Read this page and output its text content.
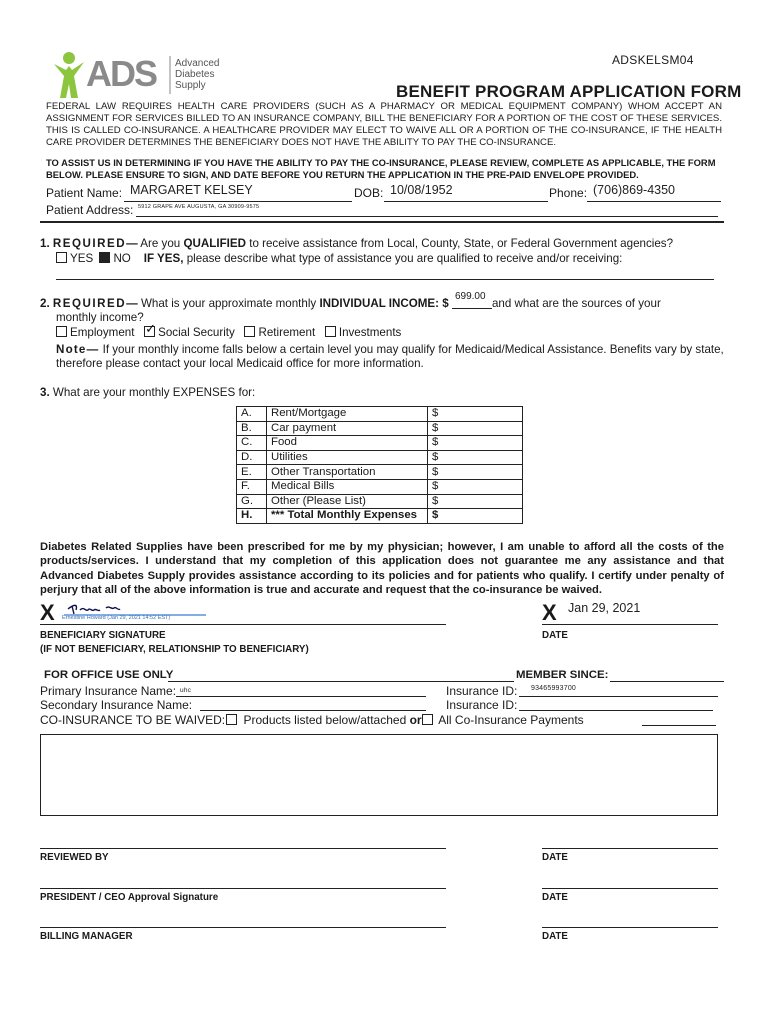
ADS Advanced
Diabetes
Supply
ADSKELSM04
BENEFIT PROGRAM APPLICATION FORM
FEDERAL LAW REQUIRES HEALTH CARE PROVIDERS (SUCH AS A PHARMACY OR MEDICAL EQUIPMENT COMPANY) WHOM ACCEPT AN ASSIGNMENT FOR SERVICES BILLED TO AN INSURANCE COMPANY, BILL THE BENEFICIARY FOR A PORTION OF THE COST OF THESE SERVICES. THIS IS CALLED CO-INSURANCE. A HEALTHCARE PROVIDER MAY ELECT TO WAIVE ALL OR A PORTION OF THE CO-INSURANCE, IF THE HEALTH CARE PROVIDER DETERMINES THE BENEFICIARY DOES NOT HAVE THE ABILITY TO PAY THE CO-INSURANCE.
TO ASSIST US IN DETERMINING IF YOU HAVE THE ABILITY TO PAY THE CO-INSURANCE, PLEASE REVIEW, COMPLETE AS APPLICABLE, THE FORM BELOW. PLEASE ENSURE TO SIGN, AND DATE BEFORE YOU RETURN THE APPLICATION IN THE PRE-PAID ENVELOPE PROVIDED.
Patient Name: MARGARET KELSEY	DOB: 10/08/1952	Phone: (706)869-4350
Patient Address: 5912 GRAPE AVE AUGUSTA, GA 30909-9575
1. REQUIRED— Are you QUALIFIED to receive assistance from Local, County, State, or Federal Government agencies?
YES NO IF YES, please describe what type of assistance you are qualified to receive and/or receiving:
2. REQUIRED— What is your approximate monthly INDIVIDUAL INCOME: $
699.00
and what are the sources of your
monthly income?
Employment ✓ Social Security Retirement Investments
Note— If your monthly income falls below a certain level you may qualify for Medicaid/Medical Assistance. Benefits vary by state, therefore please contact your local Medicaid office for more information.
3. What are your monthly EXPENSES for:
A.	Rent/Mortgage	$
B.	Car payment	$
C.	Food	$
D.	Utilities	$
E.	Other Transportation	$
F.	Medical Bills	$
G.	Other (Please List)	$
H.	*** Total Monthly Expenses	$
Diabetes Related Supplies have been prescribed for me by my physician; however, I am unable to afford all the costs of the products/services. I understand that my completion of this application does not guarantee me any assistance and that Advanced Diabetes Supply provides assistance according to its policies and for patients who qualify. I certify under penalty of perjury that all of the above information is true and accurate and request that the co-insurance be waived.
X Ernestine Howard (Jan 29, 2021 14:52 EST)	X Jan 29, 2021
BENEFICIARY SIGNATURE	DATE
(IF NOT BENEFICIARY, RELATIONSHIP TO BENEFICIARY)
FOR OFFICE USE ONLY	MEMBER SINCE:
Primary Insurance Name: uhc	Insurance ID: 93465993700
Secondary Insurance Name:	Insurance ID:
CO-INSURANCE TO BE WAIVED: Products listed below/attached or All Co-Insurance Payments
REVIEWED BY	DATE
PRESIDENT / CEO Approval Signature	DATE
BILLING MANAGER	DATE
